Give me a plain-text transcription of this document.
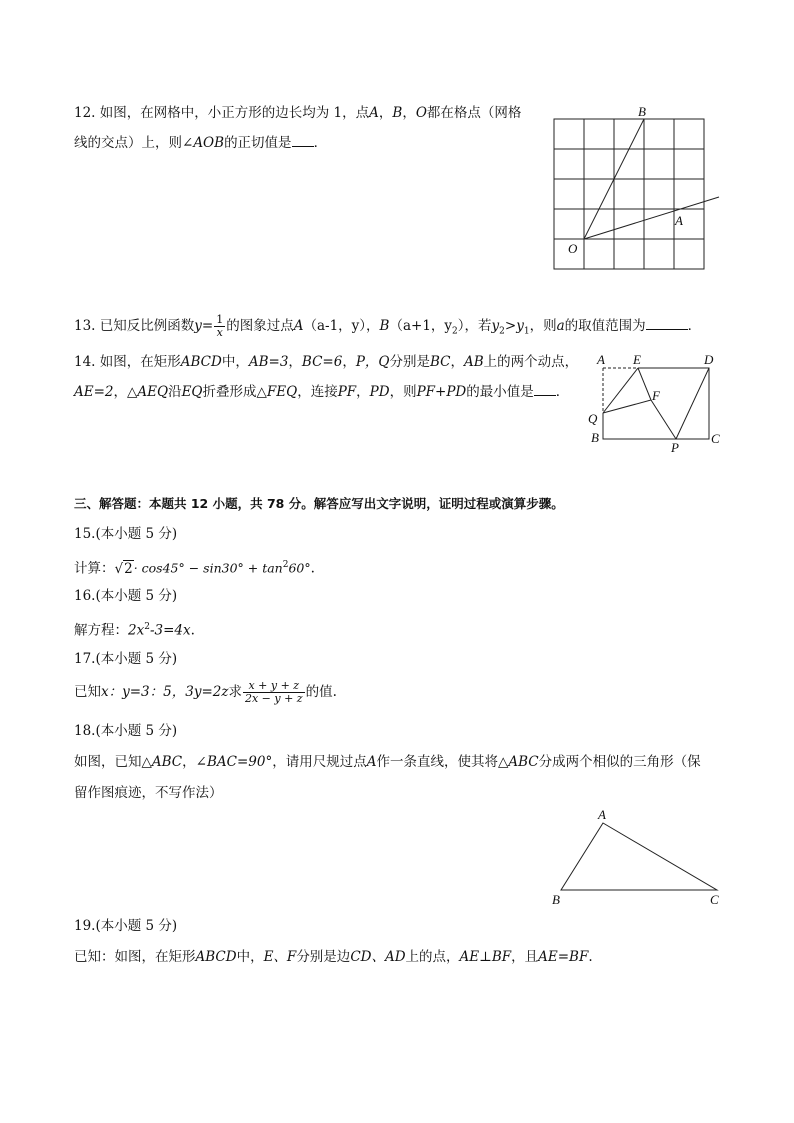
12. 如图，在网格中，小正方形的边长均为 1，点A，B，O都在格点（网格
线的交点）上，则∠AOB的正切值是 ．
B
A
O
13. 已知反比例函数$y= \frac{1}{x}$ 的图象过点A（a-1，y），B（a+1，$y_2$），若$y_2>y_1$，则a的取值范围为	．
14. 如图，在矩形ABCD中，AB=3，BC=6，P，Q分别是BC，AB上的两个动点，
AE=2，△AEQ沿EQ折叠形成△FEQ，连接PF，PD，则PF+PD的最小值是 ．
A E	D
F
Q
B
P
C
三、解答题：本题共 12 小题，共 78 分。解答应写出文字说明，证明过程或演算步骤。
15.(本小题 5 分)
计算：$√2\cdot \cos 45^\circ - \sin 30^\circ + \tan^260^\circ$.
16.(本小题 5 分)
解方程：$2x^2-3=4x$.
17.(本小题 5 分)
已知x：y=3：5，3y=2z求 $\frac{x + y + z}{2x - y + z}$ 的值.
18.(本小题 5 分)
如图，已知△ABC，∠BAC=90°，请用尺规过点A作一条直线，使其将△ABC分成两个相似的三角形（保
留作图痕迹，不写作法）
A
B	C
19.(本小题 5 分)
已知：如图，在矩形ABCD中，E、F分别是边CD、AD上的点，AE⊥BF，且AE=BF.
